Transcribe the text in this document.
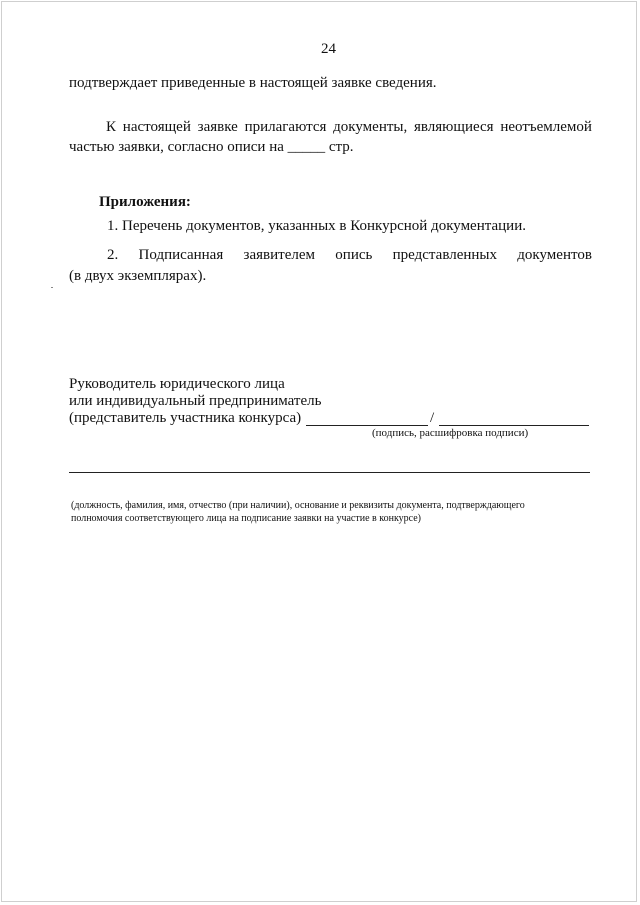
24
подтверждает приведенные в настоящей заявке сведения.
К настоящей заявке прилагаются документы, являющиеся неотъемлемой
частью заявки, согласно описи на _____ стр.
Приложения:
1. Перечень документов, указанных в Конкурсной документации.
2. Подписанная заявителем опись представленных документов
(в двух экземплярах).
Руководитель юридического лица
или индивидуальный предприниматель
(представитель участника конкурса)	/
(подпись, расшифровка подписи)
(должность, фамилия, имя, отчество (при наличии), основание и реквизиты документа, подтверждающего
полномочия соответствующего лица на подписание заявки на участие в конкурсе)
